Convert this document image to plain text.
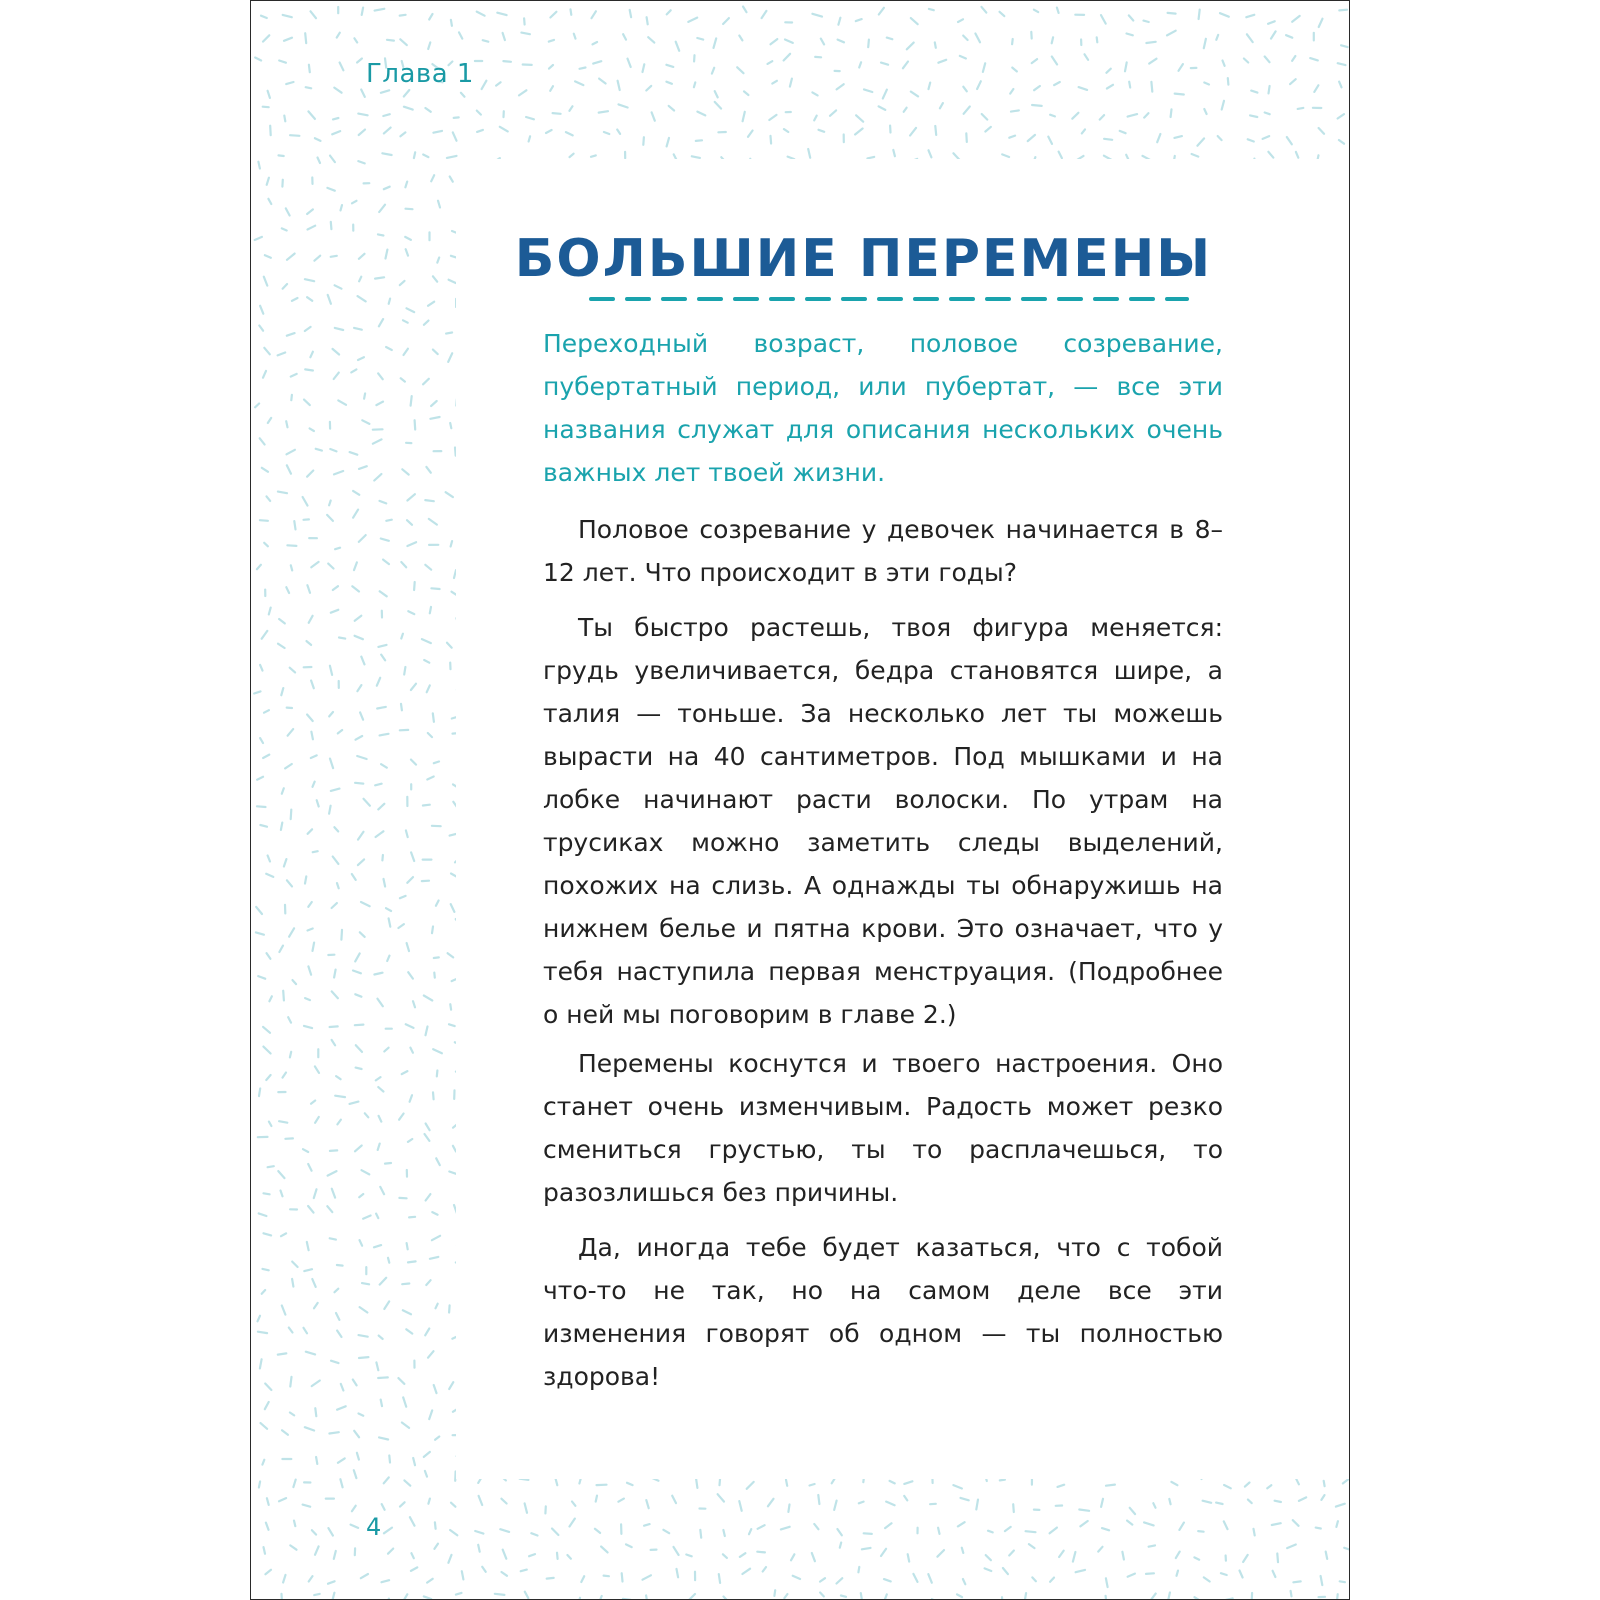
Глава 1
БОЛЬШИЕ ПЕРЕМЕНЫ

Переходный возраст, половое созревание, пубертатный период, или пубертат, — все эти названия служат для описания нескольких очень важных лет твоей жизни.

Половое созревание у девочек начинается в 8–12 лет. Что происходит в эти годы?

Ты быстро растешь, твоя фигура меняется: грудь увеличивается, бедра становятся шире, а талия — тоньше. За несколько лет ты можешь вырасти на 40 сантиметров. Под мышками и на лобке начинают расти волоски. По утрам на трусиках можно заметить следы выделений, похожих на слизь. А однажды ты обнаружишь на нижнем белье и пятна крови. Это означает, что у тебя наступила первая менструация. (Подробнее о ней мы поговорим в главе 2.)

Перемены коснутся и твоего настроения. Оно станет очень изменчивым. Радость может резко смениться грустью, ты то расплачешься, то разозлишься без причины.

Да, иногда тебе будет казаться, что с тобой что-то не так, но на самом деле все эти изменения говорят об одном — ты полностью здорова!

4
